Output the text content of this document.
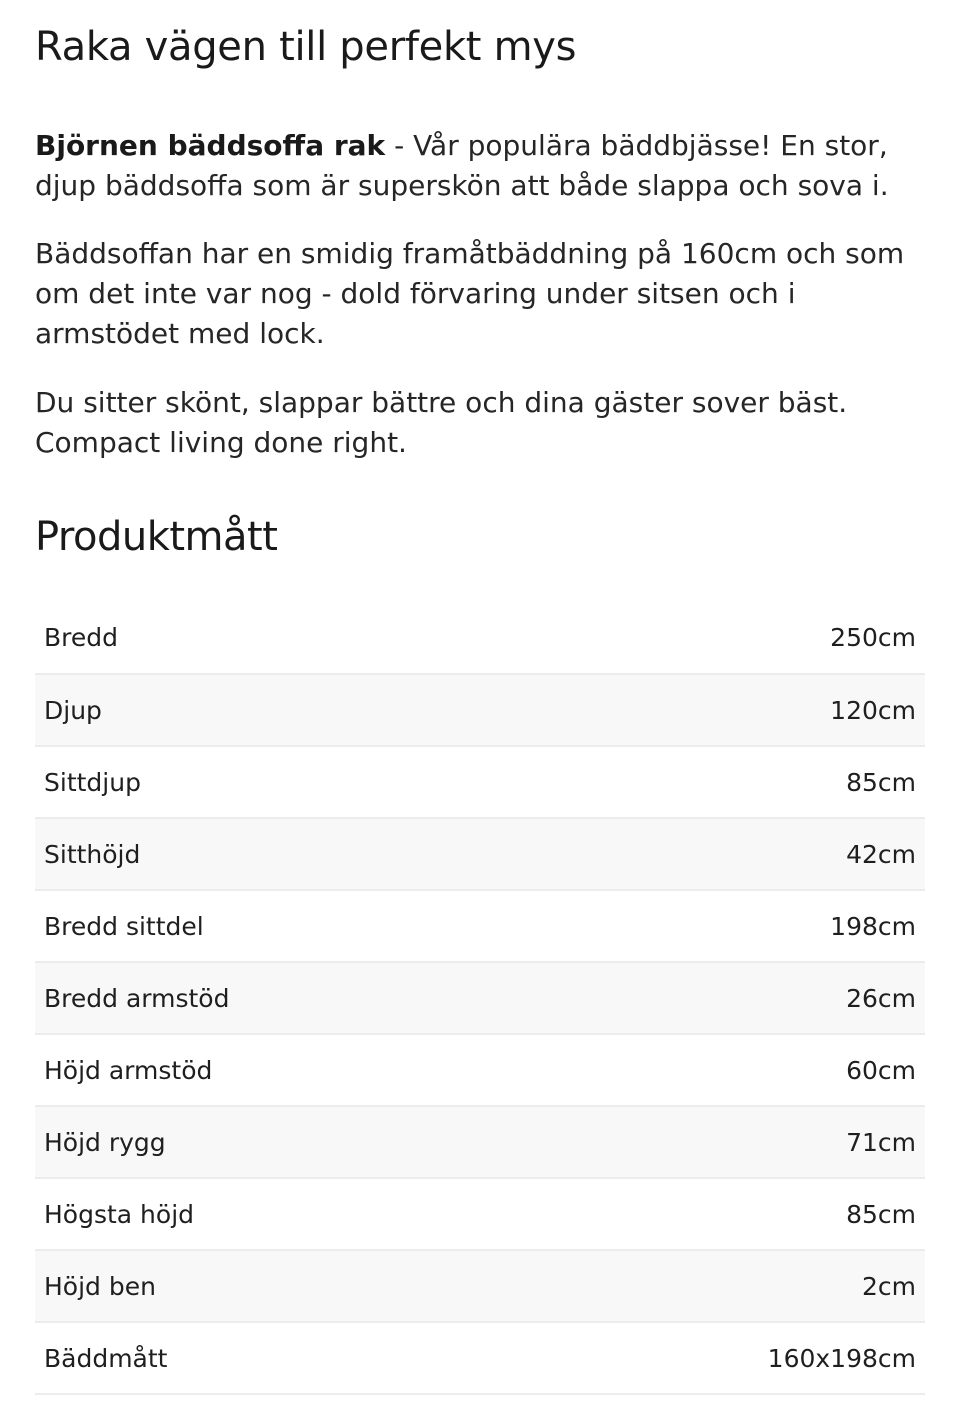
Raka vägen till perfekt mys

Björnen bäddsoffa rak - Vår populära bäddbjässe! En stor, djup bäddsoffa som är superskön att både slappa och sova i.

Bäddsoffan har en smidig framåtbäddning på 160cm och som om det inte var nog - dold förvaring under sitsen och i armstödet med lock.

Du sitter skönt, slappar bättre och dina gäster sover bäst. Compact living done right.

Produktmått
Bredd	250cm
Djup	120cm
Sittdjup	85cm
Sitthöjd	42cm
Bredd sittdel	198cm
Bredd armstöd	26cm
Höjd armstöd	60cm
Höjd rygg	71cm
Högsta höjd	85cm
Höjd ben	2cm
Bäddmått	160x198cm
